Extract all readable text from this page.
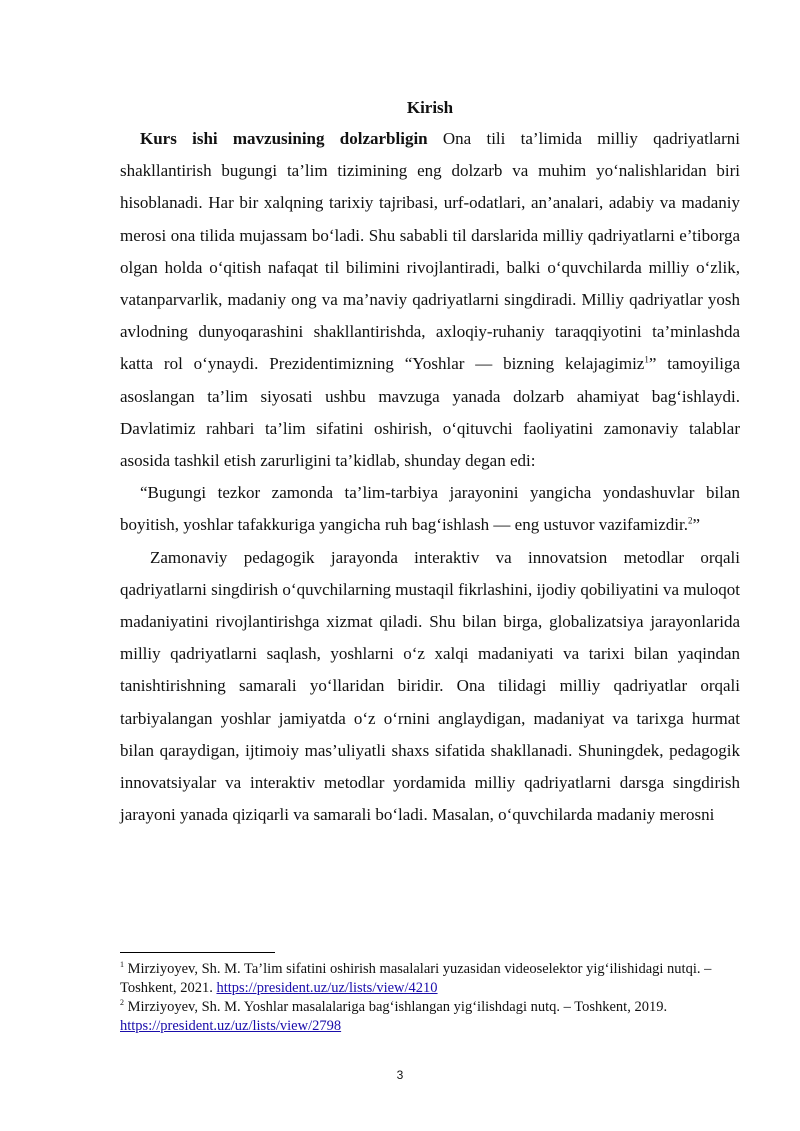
Kirish

Kurs ishi mavzusining dolzarbligin Ona tili ta’limida milliy qadriyatlarni shakllantirish bugungi ta’lim tizimining eng dolzarb va muhim yo‘nalishlaridan biri hisoblanadi. Har bir xalqning tarixiy tajribasi, urf-odatlari, an’analari, adabiy va madaniy merosi ona tilida mujassam bo‘ladi. Shu sababli til darslarida milliy qadriyatlarni e’tiborga olgan holda o‘qitish nafaqat til bilimini rivojlantiradi, balki o‘quvchilarda milliy o‘zlik, vatanparvarlik, madaniy ong va ma’naviy qadriyatlarni singdiradi. Milliy qadriyatlar yosh avlodning dunyoqarashini shakllantirishda, axloqiy-ruhaniy taraqqiyotini ta’minlashda katta rol o‘ynaydi. Prezidentimizning “Yoshlar — bizning kelajagimiz$^1$” tamoyiliga asoslangan ta’lim siyosati ushbu mavzuga yanada dolzarb ahamiyat bag‘ishlaydi. Davlatimiz rahbari ta’lim sifatini oshirish, o‘qituvchi faoliyatini zamonaviy talablar asosida tashkil etish zarurligini ta’kidlab, shunday degan edi:

“Bugungi tezkor zamonda ta’lim-tarbiya jarayonini yangicha yondashuvlar bilan boyitish, yoshlar tafakkuriga yangicha ruh bag‘ishlash — eng ustuvor vazifamizdir.$^2$”

Zamonaviy pedagogik jarayonda interaktiv va innovatsion metodlar orqali qadriyatlarni singdirish o‘quvchilarning mustaqil fikrlashini, ijodiy qobiliyatini va muloqot madaniyatini rivojlantirishga xizmat qiladi. Shu bilan birga, globalizatsiya jarayonlarida milliy qadriyatlarni saqlash, yoshlarni o‘z xalqi madaniyati va tarixi bilan yaqindan tanishtirishning samarali yo‘llaridan biridir. Ona tilidagi milliy qadriyatlar orqali tarbiyalangan yoshlar jamiyatda o‘z o‘rnini anglaydigan, madaniyat va tarixga hurmat bilan qaraydigan, ijtimoiy mas’uliyatli shaxs sifatida shakllanadi. Shuningdek, pedagogik innovatsiyalar va interaktiv metodlar yordamida milliy qadriyatlarni darsga singdirish jarayoni yanada qiziqarli va samarali bo‘ladi. Masalan, o‘quvchilarda madaniy merosni

$^1$ Mirziyoyev, Sh. M. Ta’lim sifatini oshirish masalalari yuzasidan videoselektor yig‘ilishidagi nutqi. – Toshkent, 2021. https://president.uz/uz/lists/view/4210

$^2$ Mirziyoyev, Sh. M. Yoshlar masalalariga bag‘ishlangan yig‘ilishdagi nutq. – Toshkent, 2019. https://president.uz/uz/lists/view/2798

3
